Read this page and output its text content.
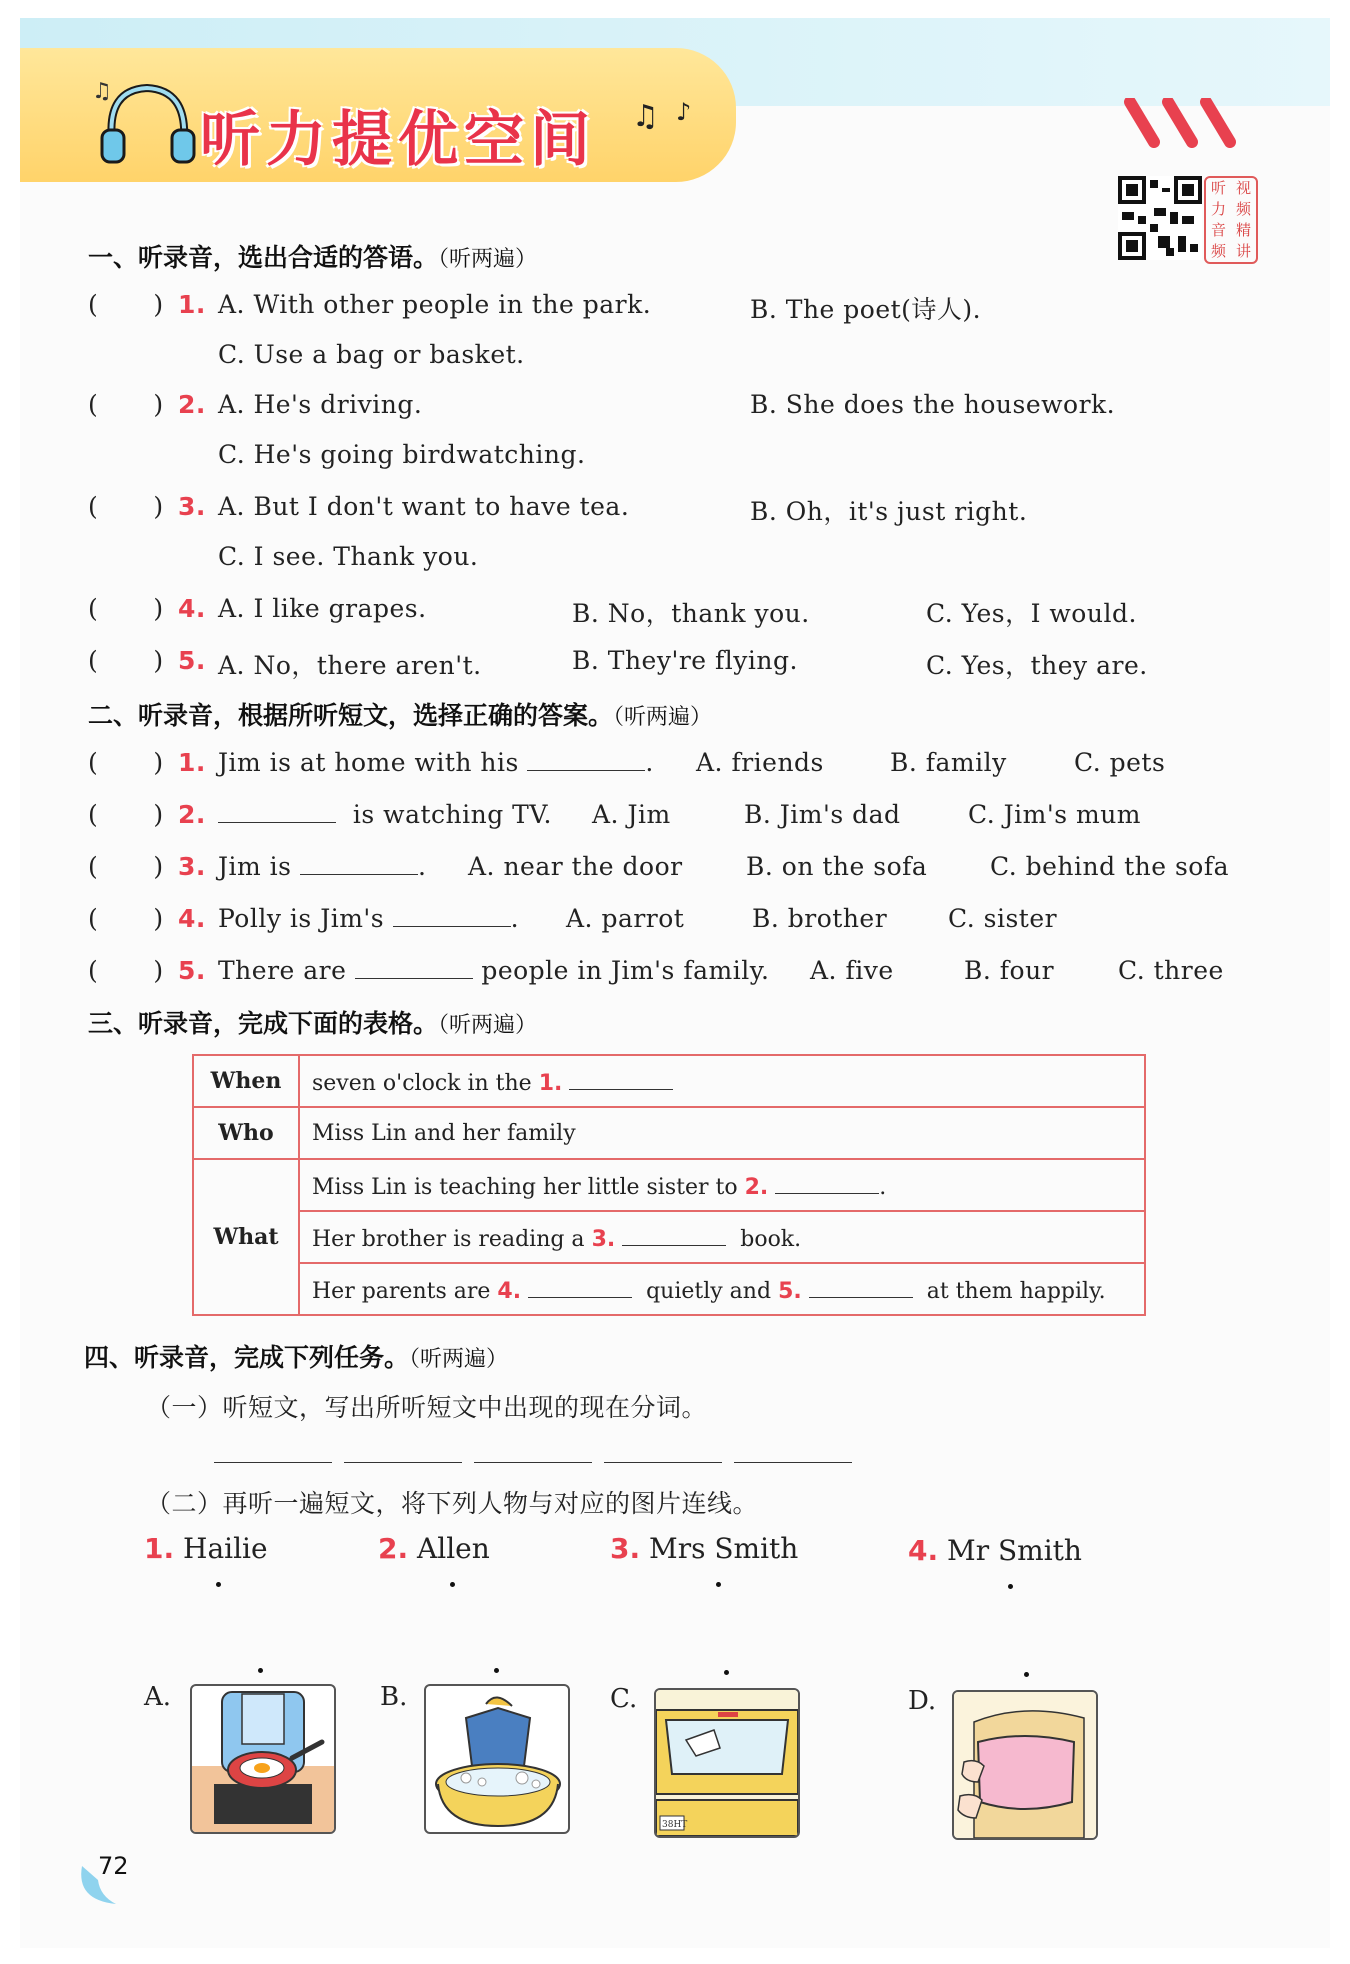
♫
听力提优空间 ♫ ♪
听 视
力 频
音 精
频 讲
一、听录音，选出合适的答语。（听两遍）
(       ) 1. A. With other people in the park.	B. The poet(诗人).
C. Use a bag or basket.
(       ) 2. A. He's driving.	B. She does the housework.
C. He's going birdwatching.
(       ) 3. A. But I don't want to have tea.	B. Oh，it's just right.
C. I see. Thank you.
(       ) 4. A. I like grapes.	B. No，thank you.	C. Yes，I would.
(       ) 5. A. No，there aren't.	B. They're flying.	C. Yes，they are.
二、听录音，根据所听短文，选择正确的答案。（听两遍）
(       ) 1. Jim is at home with his	. A. friends	B. family	C. pets
(       ) 2.	is watching TV. A. Jim	B. Jim's dad	C. Jim's mum
(       ) 3. Jim is	. A. near the door	B. on the sofa	C. behind the sofa
(       ) 4. Polly is Jim's	. A. parrot	B. brother C. sister
(       ) 5. There are	people in Jim's family. A. five	B. four	C. three
三、听录音，完成下面的表格。（听两遍）
When	seven o'clock in the 1.
Who	Miss Lin and her family
What	Miss Lin is teaching her little sister to 2. .
	Her brother is reading a 3. book.
	Her parents are 4. quietly and 5. at them happily.
四、听录音，完成下列任务。（听两遍）
（一）听短文，写出所听短文中出现的现在分词。
（二）再听一遍短文，将下列人物与对应的图片连线。
1. Hailie	2. Allen	3. Mrs Smith	4. Mr Smith
A.	B.	C.	D.
38HT
72
